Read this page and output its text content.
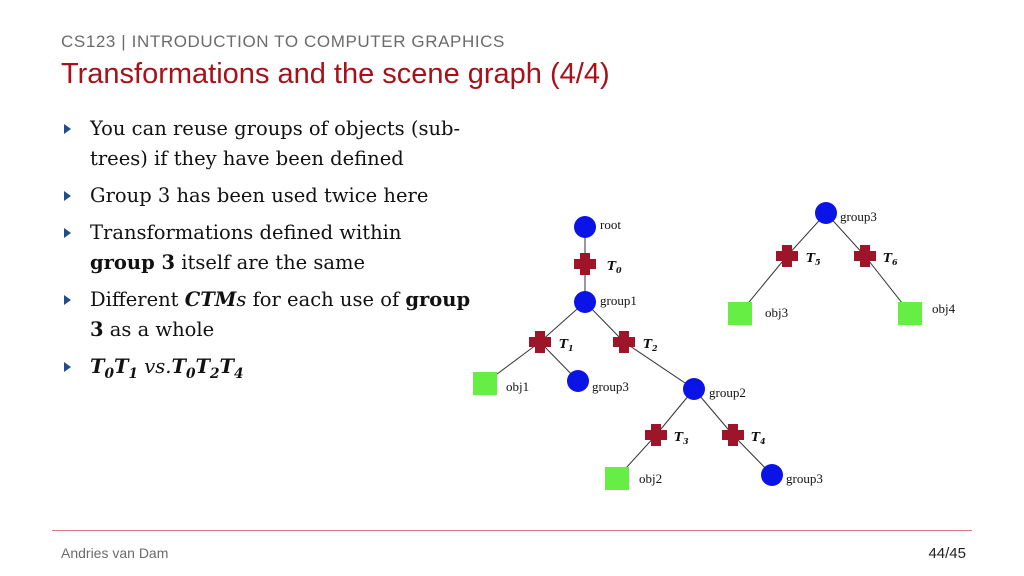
CS123 | INTRODUCTION TO COMPUTER GRAPHICS
Transformations and the scene graph (4/4)
You can reuse groups of objects (sub-trees) if they have been defined
Group 3 has been used twice here
Transformations defined within
group 3 itself are the same
Different CTMs for each use of group
3 as a whole
$T_0T_1$ $vs.T_0T_2T_4$
root
group1
obj1	group3	group2
obj2	group3
group3
obj3	obj4
$T_0$
$T_1$	$T_2$
$T_3$	$T_4$
$T_5$	$T_6$
Andries van Dam	44/45
